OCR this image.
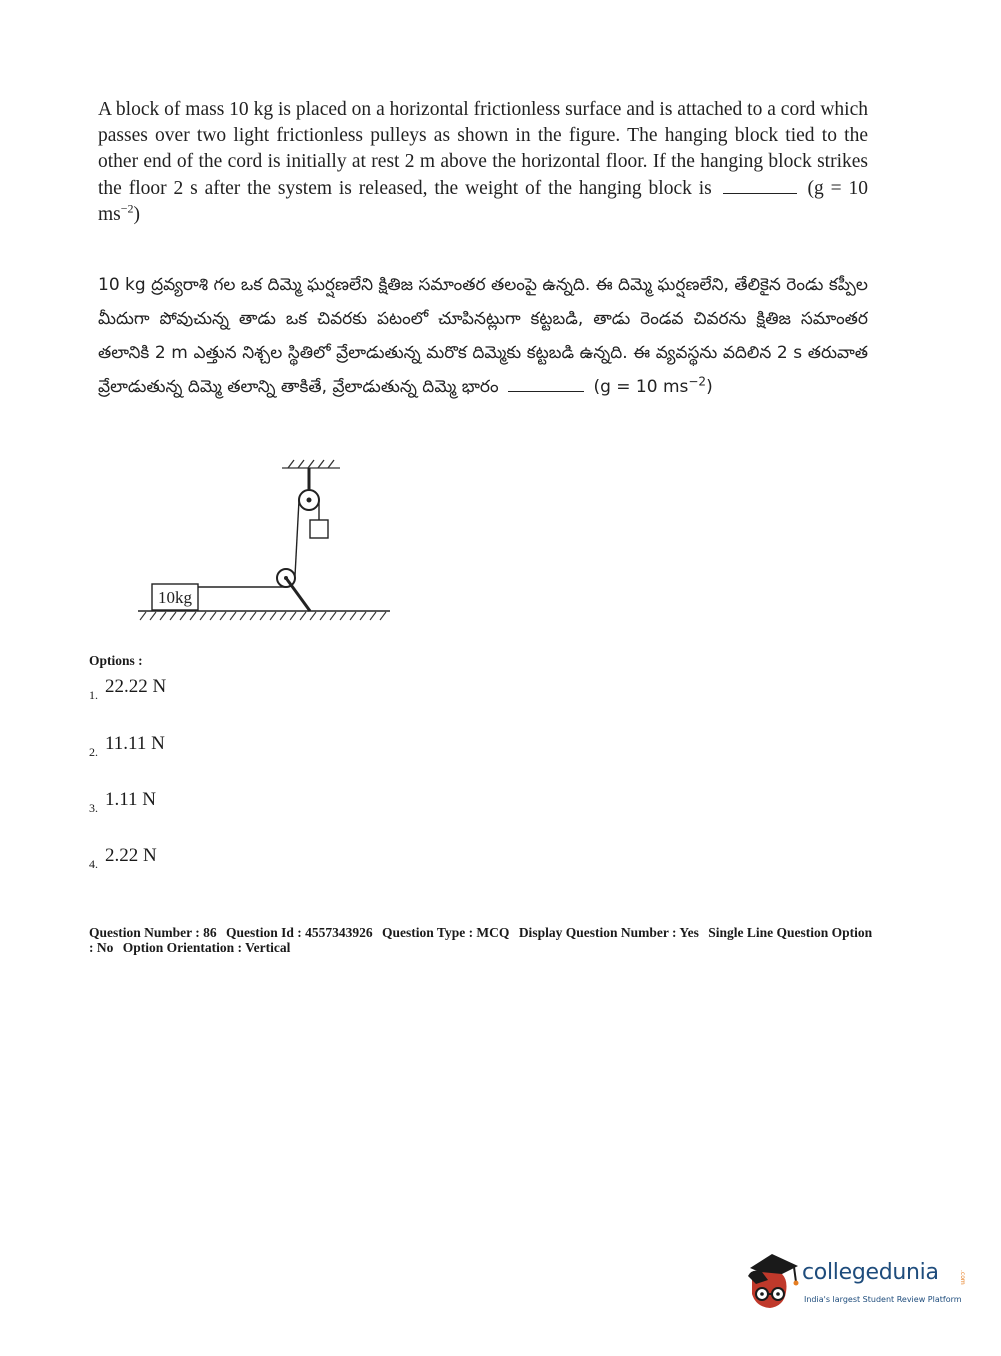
A block of mass 10 kg is placed on a horizontal frictionless surface and is attached to a cord which passes over two light frictionless pulleys as shown in the figure. The hanging block tied to the other end of the cord is initially at rest 2 m above the horizontal floor. If the hanging block strikes the floor 2 s after the system is released, the weight of the hanging block is	(g = 10 $ms^{-2}$)
10 kg ద్రవ్యరాశి గల ఒక దిమ్మె ఘర్షణలేని క్షితిజ సమాంతర తలంపై ఉన్నది. ఈ దిమ్మె ఘర్షణలేని, తేలికైన రెండు కప్పీల మీదుగా పోవుచున్న తాడు ఒక చివరకు పటంలో చూపినట్లుగా కట్టబడి, తాడు రెండవ చివరను క్షితిజ సమాంతర తలానికి 2 m ఎత్తున నిశ్చల స్థితిలో వ్రేలాడుతున్న మరొక దిమ్మెకు కట్టబడి ఉన్నది. ఈ వ్యవస్థను వదిలిన 2 s తరువాత వ్రేలాడుతున్న దిమ్మె తలాన్ని తాకితే, వ్రేలాడుతున్న దిమ్మె భారం	(g = 10 $ms^{-2}$)
10kg
Options :
1. 22.22 N
2. 11.11 N
3. 1.11 N
4. 2.22 N
Question Number : 86 Question Id : 4557343926 Question Type : MCQ Display Question Number : Yes Single Line Question Option : No Option Orientation : Vertical
collegedunia	.com
India's largest Student Review Platform
